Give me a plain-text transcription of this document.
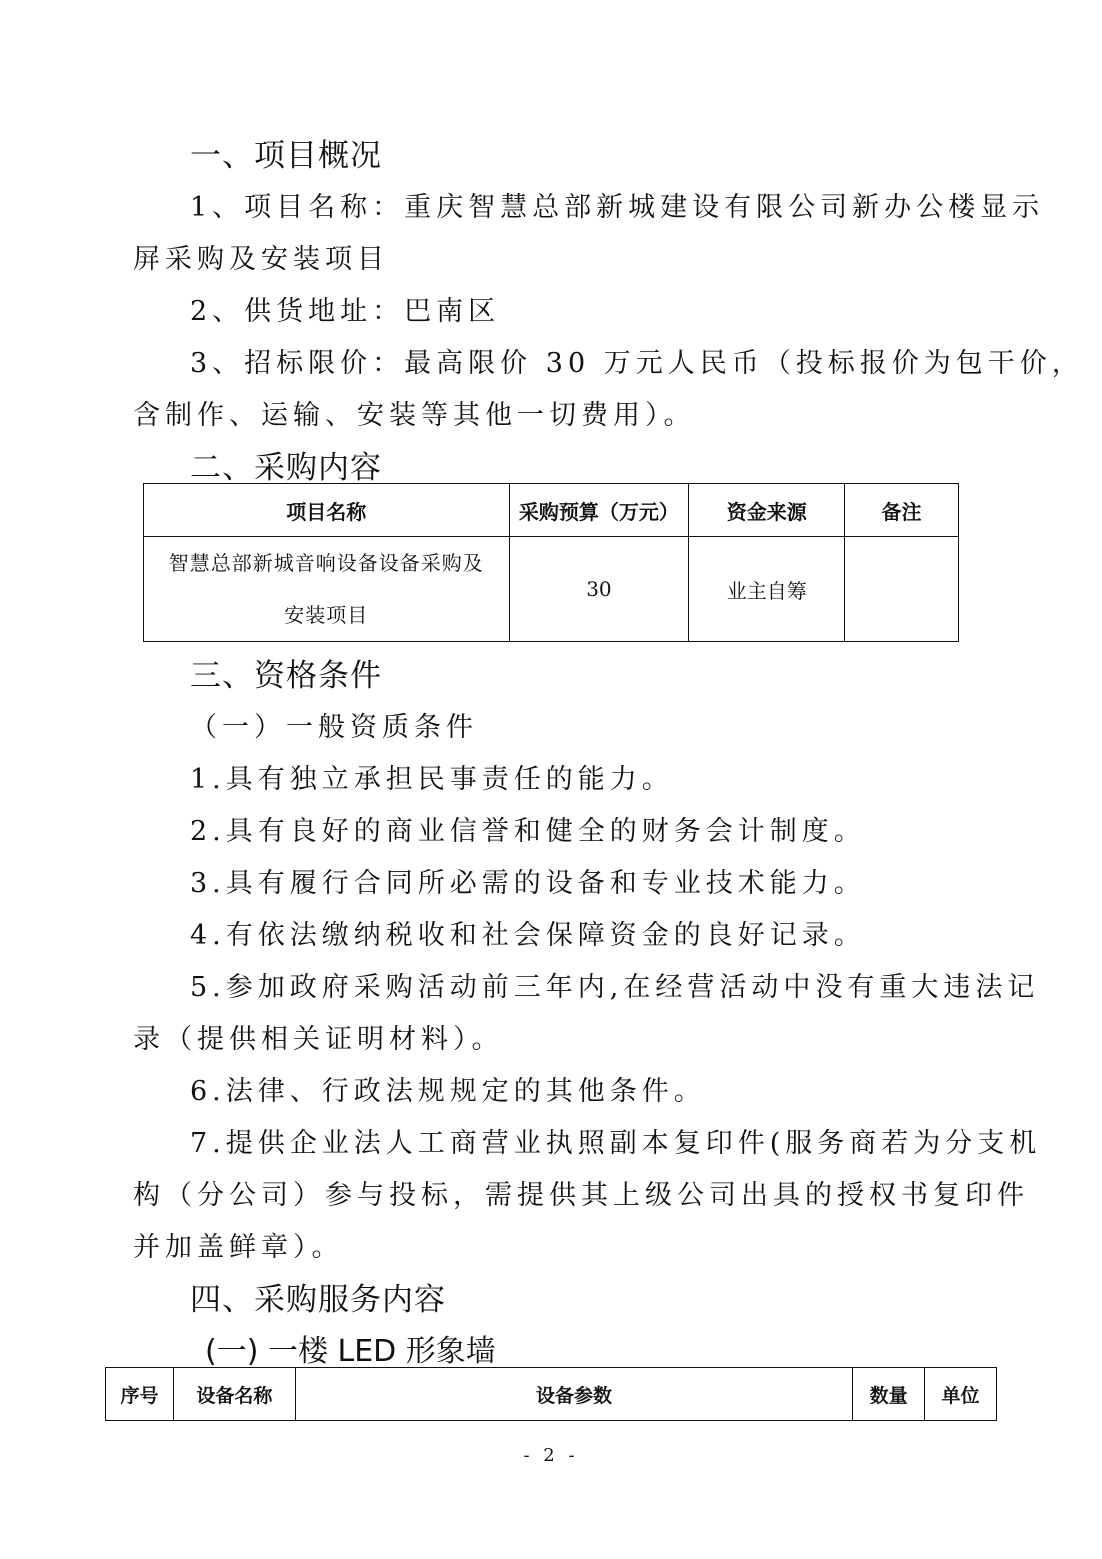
一、项目概况
1、项目名称：重庆智慧总部新城建设有限公司新办公楼显示
屏采购及安装项目
2、供货地址：巴南区
3、招标限价：最高限价 30 万元人民币（投标报价为包干价，
含制作、运输、安装等其他一切费用）。
二、采购内容
项目名称	采购预算（万元）	资金来源	备注

智慧总部新城音响设备设备采购及
安装项目	30	业主自筹	
三、资格条件
（一）一般资质条件
1.具有独立承担民事责任的能力。
2.具有良好的商业信誉和健全的财务会计制度。
3.具有履行合同所必需的设备和专业技术能力。
4.有依法缴纳税收和社会保障资金的良好记录。
5.参加政府采购活动前三年内,在经营活动中没有重大违法记
录（提供相关证明材料）。
6.法律、行政法规规定的其他条件。
7.提供企业法人工商营业执照副本复印件(服务商若为分支机
构（分公司）参与投标，需提供其上级公司出具的授权书复印件
并加盖鲜章）。
四、采购服务内容
(一) 一楼 LED 形象墙
序号	设备名称	设备参数	数量	单位
- 2 -
